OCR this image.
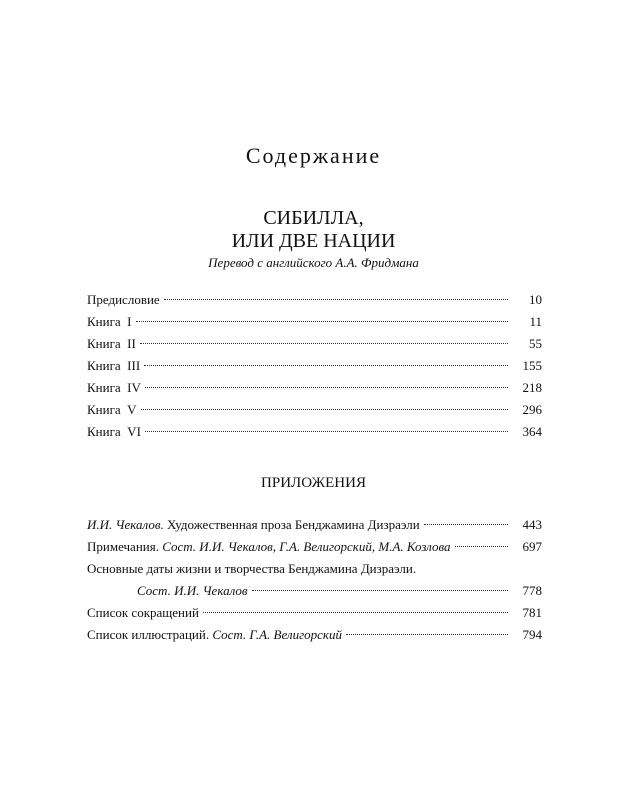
Содержание
СИБИЛЛА,
ИЛИ ДВЕ НАЦИИ
Перевод с английского А.А. Фридмана
Предисловие	10
Книга  I	11
Книга  II	55
Книга  III	155
Книга  IV	218
Книга  V	296
Книга  VI	364
ПРИЛОЖЕНИЯ
И.И. Чекалов. Художественная проза Бенджамина Дизраэли	443
Примечания. Сост. И.И. Чекалов, Г.А. Велигорский, М.А. Козлова	697
Основные даты жизни и творчества Бенджамина Дизраэли.
Сост. И.И. Чекалов	778
Список сокращений	781
Список иллюстраций. Сост. Г.А. Велигорский	794
